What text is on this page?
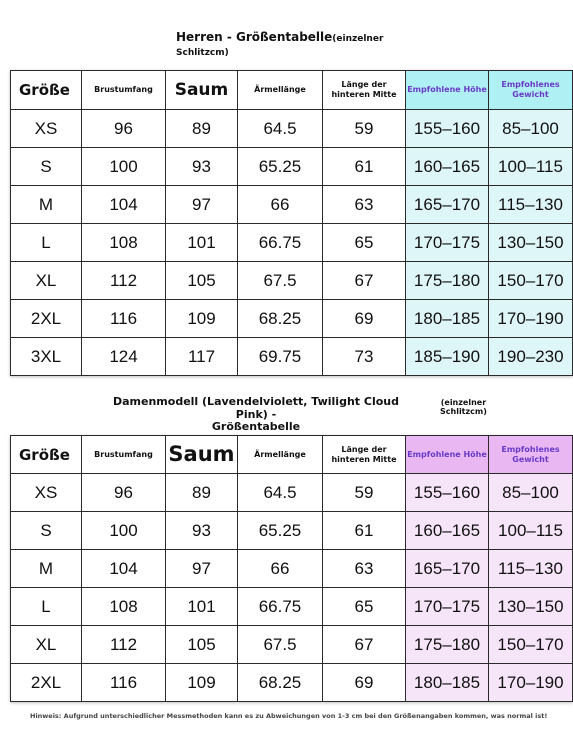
Herren - Größentabelle(einzelner Schlitzcm)
Größe	Brustumfang	Saum	Ärmellänge	Länge der hinteren Mitte	Empfohlene Höhe	Empfohlenes Gewicht
XS	96	89	64.5	59	155–160	85–100
S	100	93	65.25	61	160–165	100–115
M	104	97	66	63	165–170	115–130
L	108	101	66.75	65	170–175	130–150
XL	112	105	67.5	67	175–180	150–170
2XL	116	109	68.25	69	180–185	170–190
3XL	124	117	69.75	73	185–190	190–230
Damenmodell (Lavendelviolett, Twilight Cloud Pink) -
Größentabelle
(einzelner
Schlitzcm)
Größe	Brustumfang	Saum	Ärmellänge	Länge der hinteren Mitte	Empfohlene Höhe	Empfohlenes Gewicht
XS	96	89	64.5	59	155–160	85–100
S	100	93	65.25	61	160–165	100–115
M	104	97	66	63	165–170	115–130
L	108	101	66.75	65	170–175	130–150
XL	112	105	67.5	67	175–180	150–170
2XL	116	109	68.25	69	180–185	170–190
Hinweis: Aufgrund unterschiedlicher Messmethoden kann es zu Abweichungen von 1-3 cm bei den Größenangaben kommen, was normal ist!
